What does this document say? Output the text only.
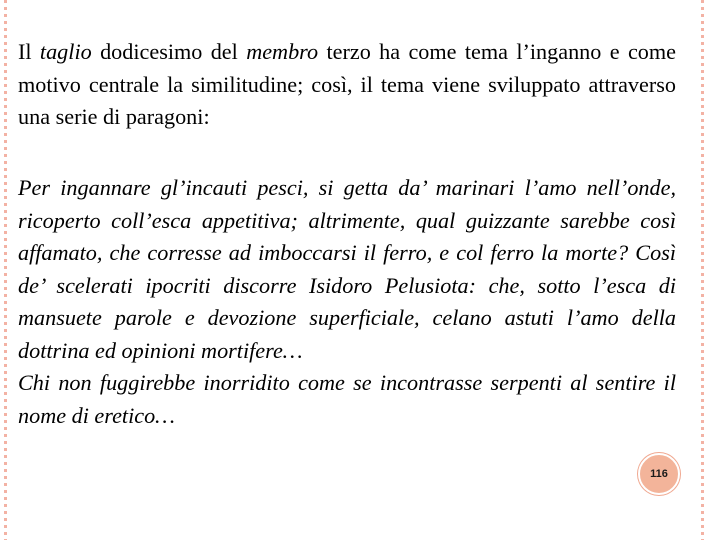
Il taglio dodicesimo del membro terzo ha come tema l’inganno e come motivo centrale la similitudine; così, il tema viene sviluppato attraverso una serie di paragoni:

Per ingannare gl’incauti pesci, si getta da’ marinari l’amo nell’onde, ricoperto coll’esca appetitiva; altrimente, qual guizzante sarebbe così affamato, che corresse ad imboccarsi il ferro, e col ferro la morte? Così de’ scelerati ipocriti discorre Isidoro Pelusiota: che, sotto l’esca di mansuete parole e devozione superficiale, celano astuti l’amo della dottrina ed opinioni mortifere…
Chi non fuggirebbe inorridito come se incontrasse serpenti al sentire il nome di eretico…

116
